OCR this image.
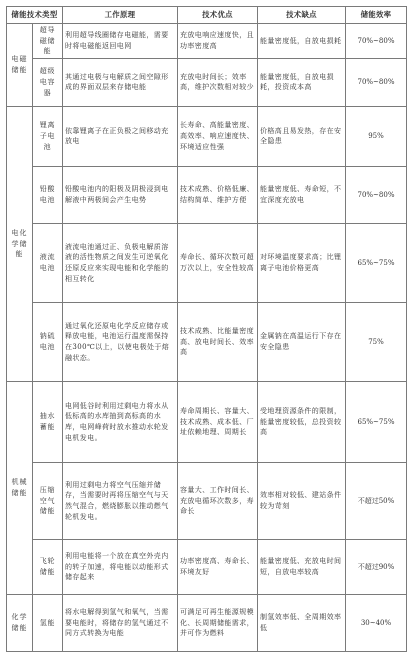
储能技术类型		工作原理	技术优点	技术缺点	储能效率
电磁储能	超导磁储能	利用超导线圈储存电磁能，需要时将电磁能返回电网	充放电响应速度快，且功率密度高	能量密度低，自放电损耗	70%~80%
	超级电容器	其通过电极与电解质之间空隙形成的界面双层来存储电能	充放电时间长；效率高，维护次数相对较少	能量密度低，自放电损耗，投资成本高	70%~80%
电化学储能	锂离子电池	依靠锂离子在正负极之间移动充放电	长寿命、高能量密度、高效率、响应速度快、环境适应性强	价格高且易发热，存在安全隐患	95%
	铅酸电池	铅酸电池内的阳极及阴极浸到电解液中两极间会产生电势	技术成熟、价格低廉、结构简单、维护方便	能量密度低、寿命短，不宜深度充放电	70%~80%
	液流电池	液流电池通过正、负极电解质溶液的活性物质之间发生可逆氧化还原反应来实现电能和化学能的相互转化	寿命长、循环次数可超万次以上，安全性较高	对环境温度要求高；比锂离子电池价格更高	65%~75%
	钠硫电池	通过氧化还原电化学反应储存或释放电能，电池运行温度需保持在300℃以上，以使电极处于熔融状态。	技术成熟、比能量密度高、放电时间长、效率高	金属钠在高温运行下存在安全隐患	75%
机械储能	抽水蓄能	电网低谷时利用过剩电力将水从低标高的水库抽到高标高的水库，电网峰荷时放水推动水轮发电机发电。	寿命周期长、容量大、技术成熟、成本低、厂址依赖地理、周期长	受地理资源条件的限制，能量密度较低，总投资较高	65%~75%
	压缩空气储能	利用过剩电力将空气压缩并储存，当需要时再将压缩空气与天然气混合，燃烧膨胀以推动燃气轮机发电。	容量大、工作时间长、充放电循环次数多，寿命长	效率相对较低、建站条件较为苛刻	不超过50%
	飞轮储能	利用电能将一个放在真空外壳内的转子加速，将电能以动能形式储存起来	功率密度高、寿命长、环境友好	能量密度低、充放电时间短，自放电率较高	不超过90%
化学储能	氢能	将水电解得到氢气和氧气，当需要电能时，将储存的氢气通过不同方式转换为电能	可满足可再生能源规模化、长周期储能需求，并可作为燃料	制氢效率低、全周期效率低	30~40%
